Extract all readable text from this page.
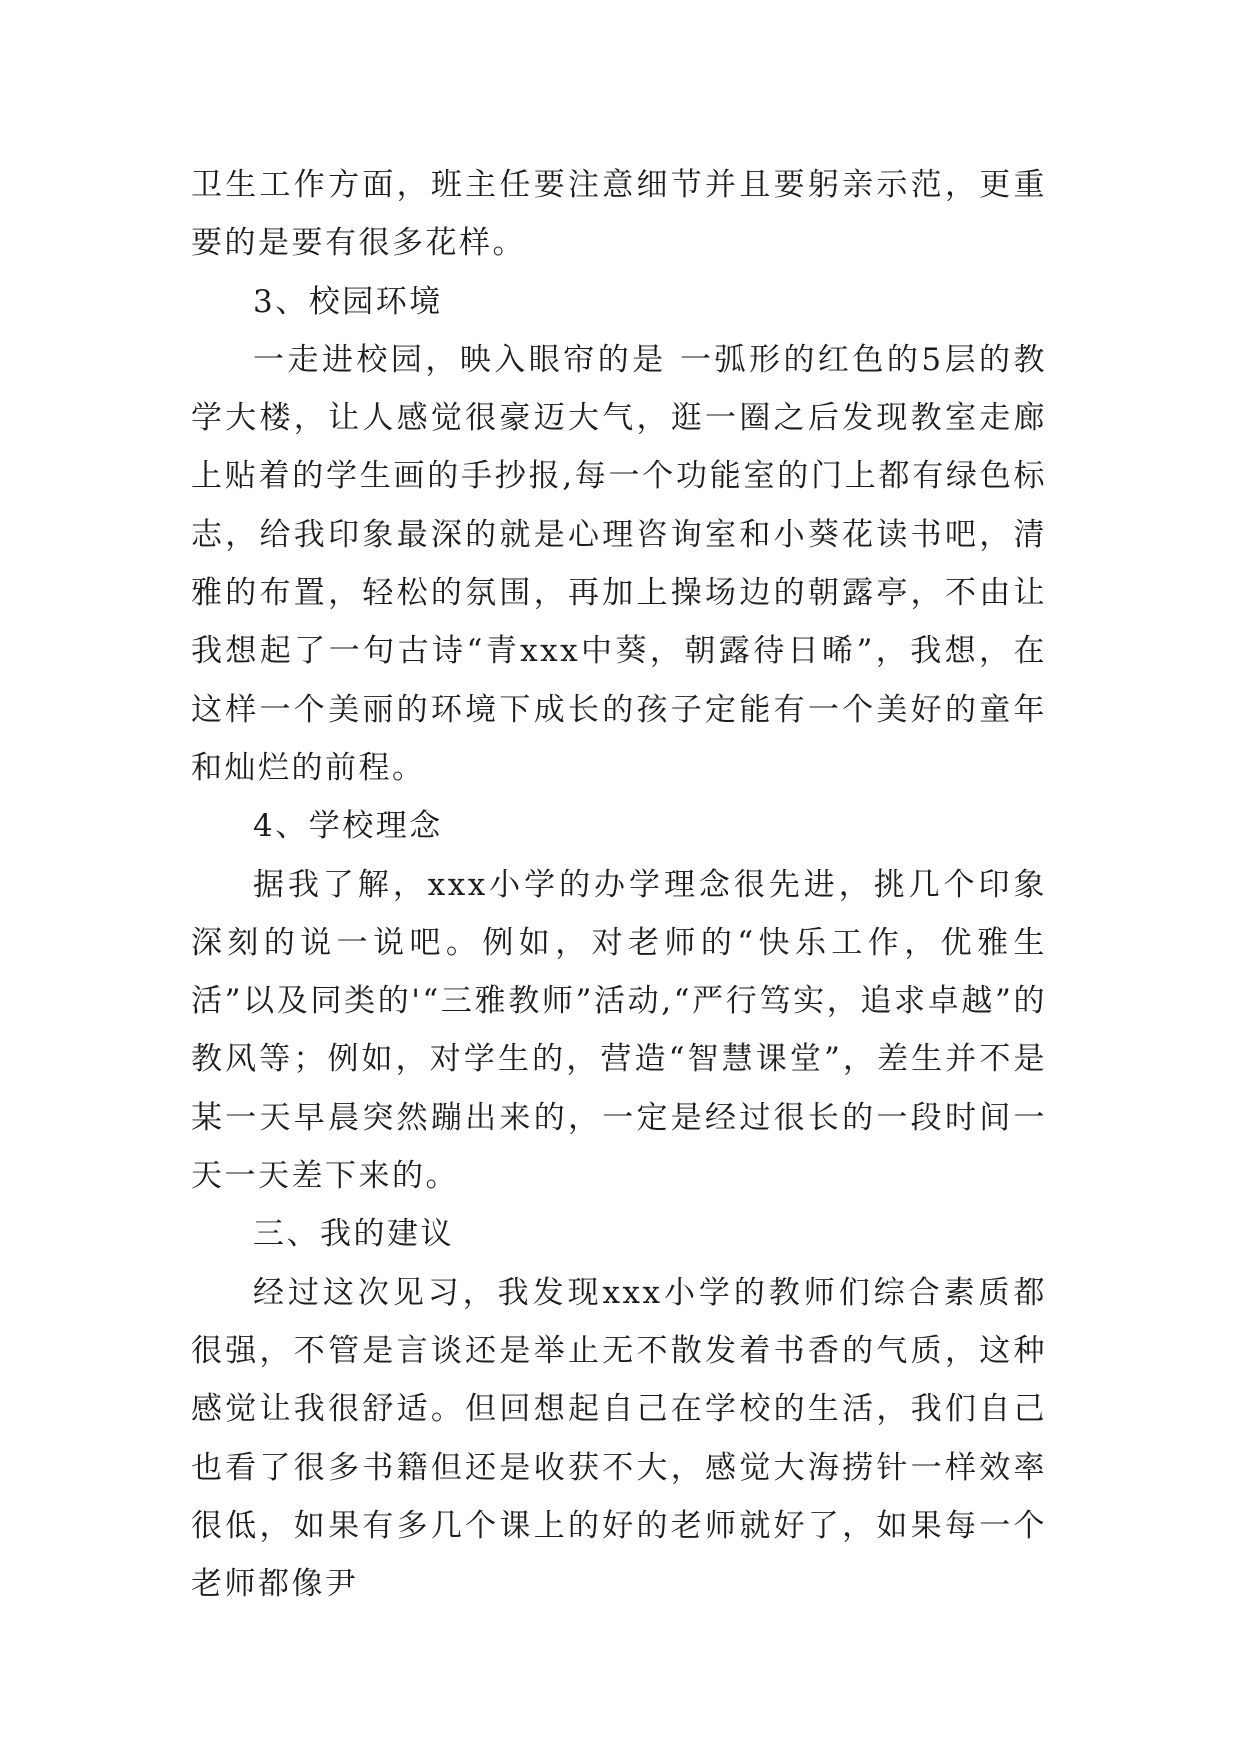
卫生工作方面，班主任要注意细节并且要躬亲示范，更重要的是要有很多花样。

3、校园环境

一走进校园，映入眼帘的是 一弧形的红色的5层的教学大楼，让人感觉很豪迈大气，逛一圈之后发现教室走廊上贴着的学生画的手抄报,每一个功能室的门上都有绿色标志，给我印象最深的就是心理咨询室和小葵花读书吧，清雅的布置，轻松的氛围，再加上操场边的朝露亭，不由让我想起了一句古诗“青xxx中葵，朝露待日晞”，我想，在这样一个美丽的环境下成长的孩子定能有一个美好的童年和灿烂的前程。

4、学校理念

据我了解，xxx小学的办学理念很先进，挑几个印象深刻的说一说吧。例如，对老师的“快乐工作，优雅生活”以及同类的'“三雅教师”活动,“严行笃实，追求卓越”的教风等；例如，对学生的，营造“智慧课堂”，差生并不是某一天早晨突然蹦出来的，一定是经过很长的一段时间一天一天差下来的。

三、我的建议

经过这次见习，我发现xxx小学的教师们综合素质都很强，不管是言谈还是举止无不散发着书香的气质，这种感觉让我很舒适。但回想起自己在学校的生活，我们自己也看了很多书籍但还是收获不大，感觉大海捞针一样效率很低，如果有多几个课上的好的老师就好了，如果每一个老师都像尹
